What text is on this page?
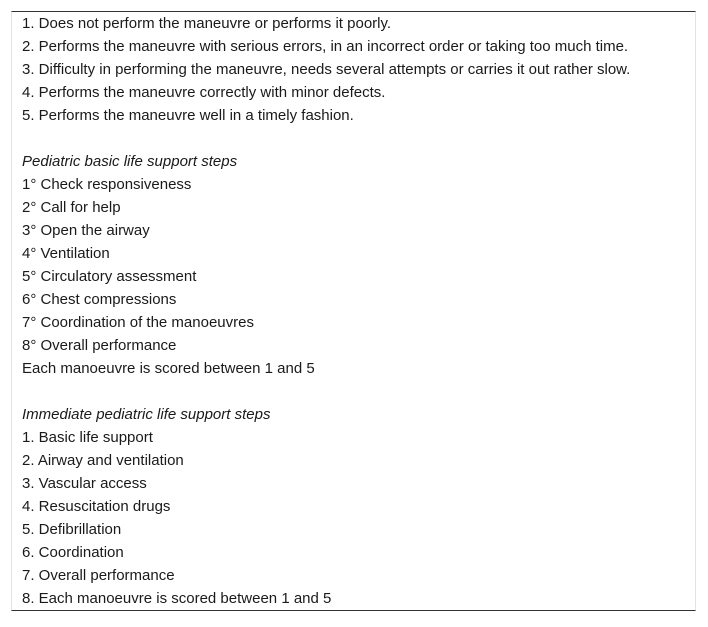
1. Does not perform the maneuvre or performs it poorly.
2. Performs the maneuvre with serious errors, in an incorrect order or taking too much time.
3. Difficulty in performing the maneuvre, needs several attempts or carries it out rather slow.
4. Performs the maneuvre correctly with minor defects.
5. Performs the maneuvre well in a timely fashion.
Pediatric basic life support steps
1° Check responsiveness
2° Call for help
3° Open the airway
4° Ventilation
5° Circulatory assessment
6° Chest compressions
7° Coordination of the manoeuvres
8° Overall performance
Each manoeuvre is scored between 1 and 5
Immediate pediatric life support steps
1. Basic life support
2. Airway and ventilation
3. Vascular access
4. Resuscitation drugs
5. Defibrillation
6. Coordination
7. Overall performance
8. Each manoeuvre is scored between 1 and 5
